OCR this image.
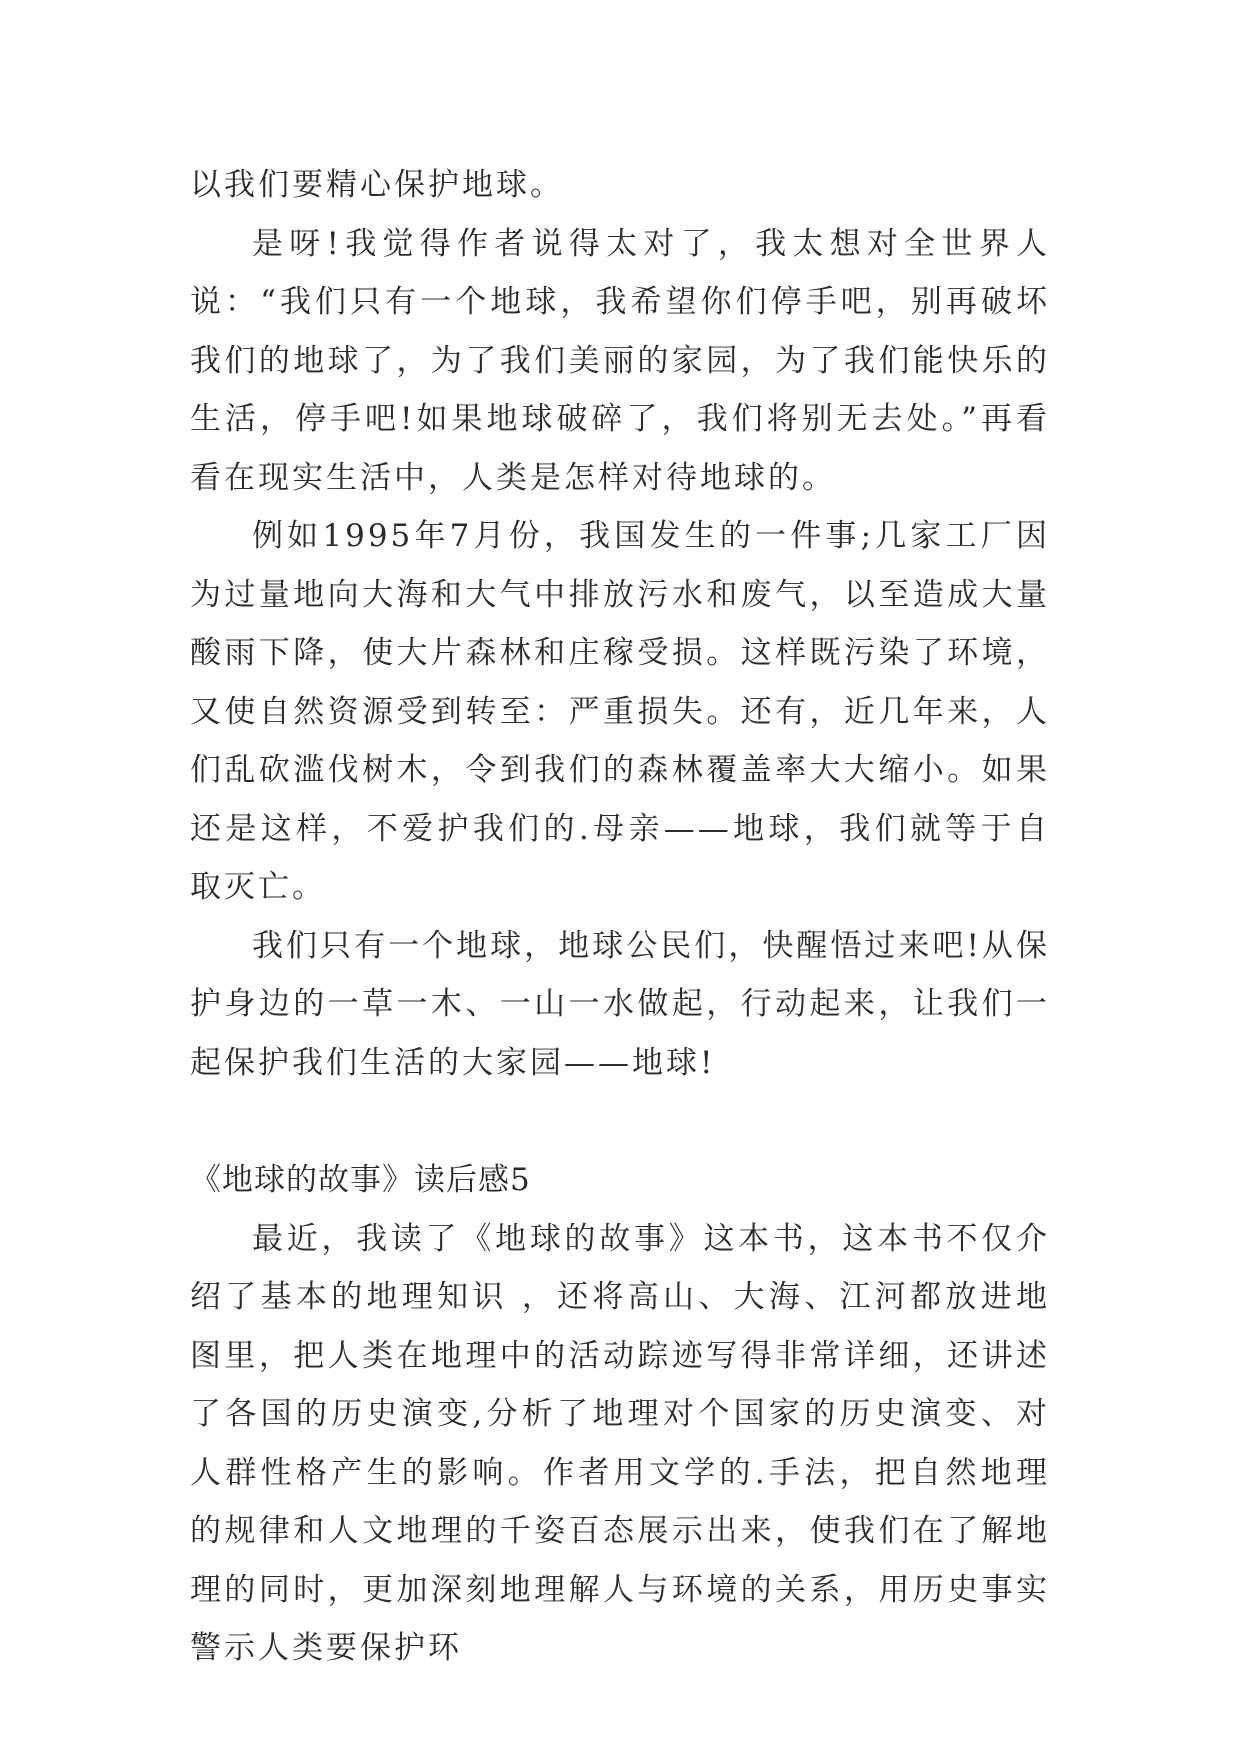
以我们要精心保护地球。

是呀!我觉得作者说得太对了，我太想对全世界人说：“我们只有一个地球，我希望你们停手吧，别再破坏我们的地球了，为了我们美丽的家园，为了我们能快乐的生活，停手吧!如果地球破碎了，我们将别无去处。”再看看在现实生活中，人类是怎样对待地球的。

例如1995年7月份，我国发生的一件事;几家工厂因为过量地向大海和大气中排放污水和废气，以至造成大量酸雨下降，使大片森林和庄稼受损。这样既污染了环境，又使自然资源受到转至：严重损失。还有，近几年来，人们乱砍滥伐树木，令到我们的森林覆盖率大大缩小。如果还是这样，不爱护我们的.母亲——地球，我们就等于自取灭亡。

我们只有一个地球，地球公民们，快醒悟过来吧!从保护身边的一草一木、一山一水做起，行动起来，让我们一起保护我们生活的大家园——地球!

《地球的故事》读后感5

最近，我读了《地球的故事》这本书，这本书不仅介绍了基本的地理知识 ，还将高山、大海、江河都放进地图里，把人类在地理中的活动踪迹写得非常详细，还讲述了各国的历史演变,分析了地理对个国家的历史演变、对人群性格产生的影响。作者用文学的.手法，把自然地理的规律和人文地理的千姿百态展示出来，使我们在了解地理的同时，更加深刻地理解人与环境的关系，用历史事实警示人类要保护环
